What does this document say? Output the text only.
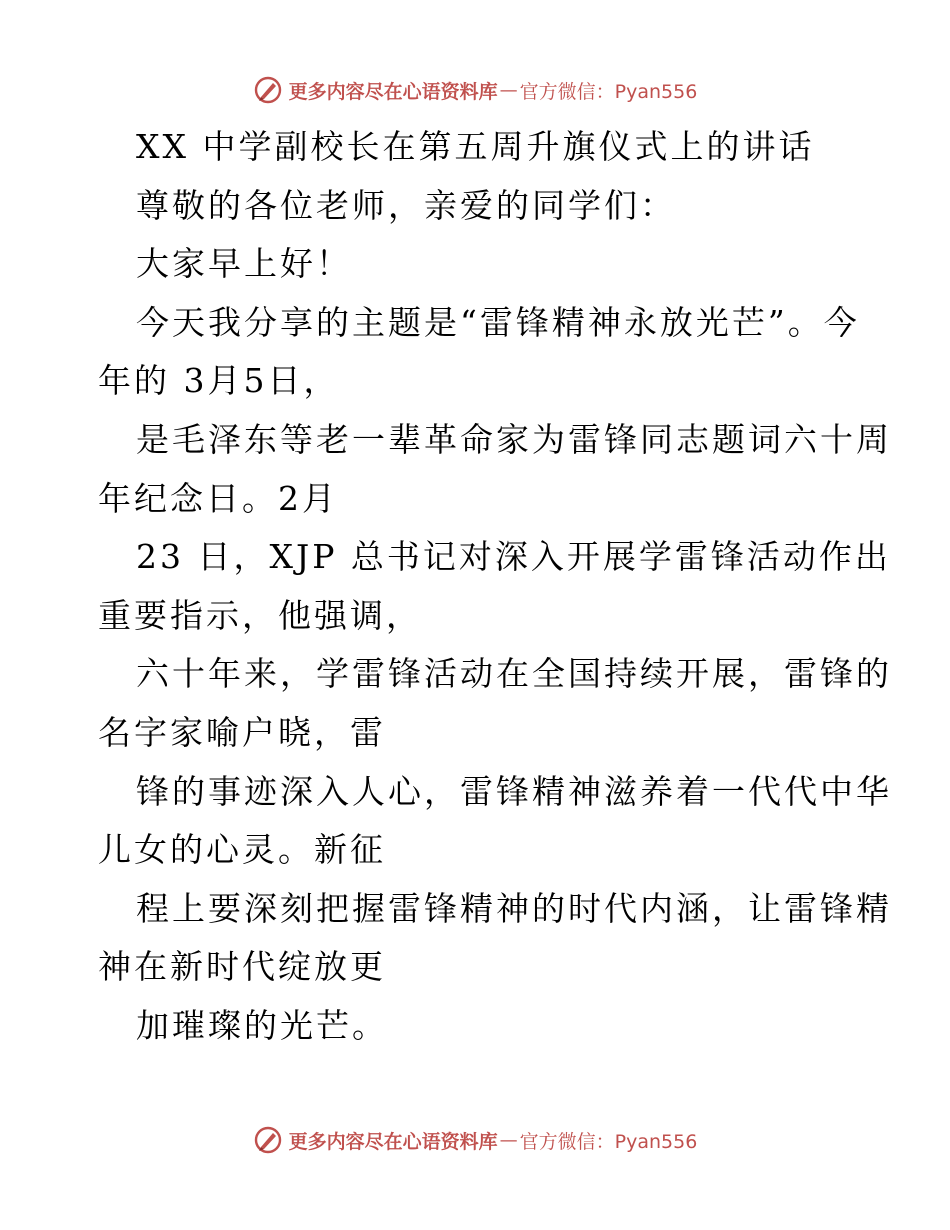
更多内容尽在心语资料库 — 官方微信：Pyan556
XX 中学副校长在第五周升旗仪式上的讲话
尊敬的各位老师，亲爱的同学们：
大家早上好！
今天我分享的主题是“雷锋精神永放光芒”。今
年的 3月5日，
是毛泽东等老一辈革命家为雷锋同志题词六十周
年纪念日。2月
23 日，XJP 总书记对深入开展学雷锋活动作出
重要指示，他强调，
六十年来，学雷锋活动在全国持续开展，雷锋的
名字家喻户晓，雷
锋的事迹深入人心，雷锋精神滋养着一代代中华
儿女的心灵。新征
程上要深刻把握雷锋精神的时代内涵，让雷锋精
神在新时代绽放更
加璀璨的光芒。
更多内容尽在心语资料库 — 官方微信：Pyan556
